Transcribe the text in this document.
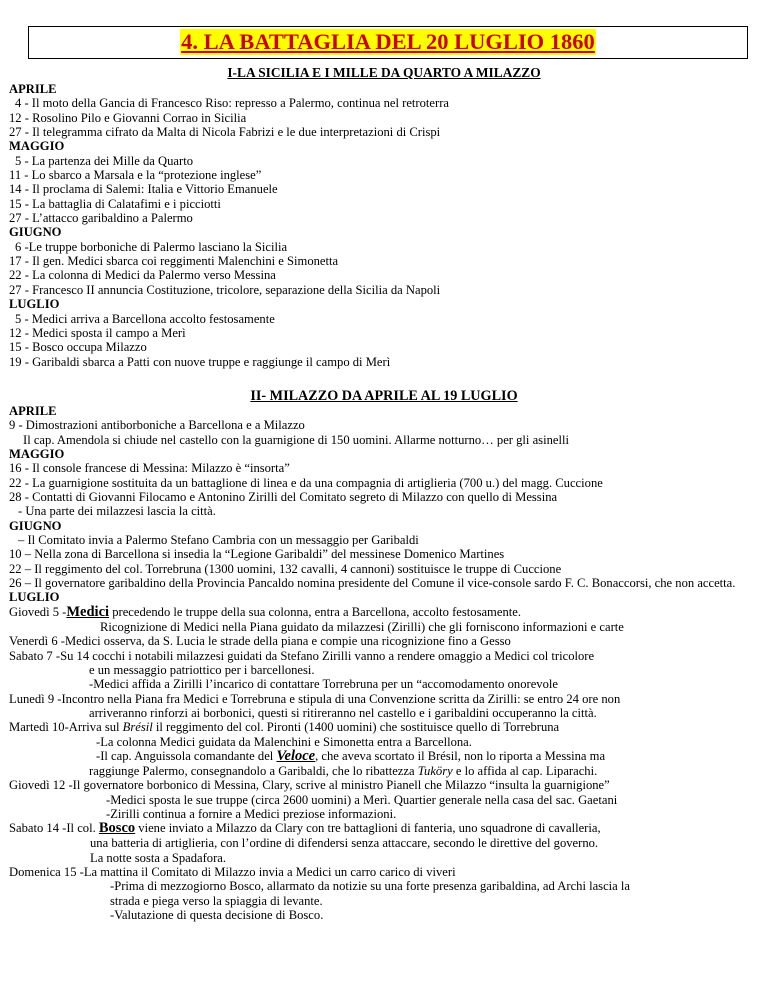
4. LA BATTAGLIA DEL 20 LUGLIO 1860
I-LA SICILIA E I MILLE DA QUARTO A MILAZZO
APRILE
4 - Il moto della Gancia di Francesco Riso: represso a Palermo, continua nel retroterra
12 - Rosolino Pilo e Giovanni Corrao in Sicilia
27 - Il telegramma cifrato da Malta di Nicola Fabrizi e le due interpretazioni di Crispi
MAGGIO
5 - La partenza dei Mille da Quarto
11 - Lo sbarco a Marsala e la “protezione inglese”
14 - Il proclama di Salemi: Italia e Vittorio Emanuele
15 - La battaglia di Calatafimi e i picciotti
27 - L’attacco garibaldino a Palermo
GIUGNO
6 -Le truppe borboniche di Palermo lasciano la Sicilia
17 - Il gen. Medici sbarca coi reggimenti Malenchini e Simonetta
22 - La colonna di Medici da Palermo verso Messina
27 - Francesco II annuncia Costituzione, tricolore, separazione della Sicilia da Napoli
LUGLIO
5 - Medici arriva a Barcellona accolto festosamente
12 - Medici sposta il campo a Merì
15 - Bosco occupa Milazzo
19 - Garibaldi sbarca a Patti con nuove truppe e raggiunge il campo di Merì
II- MILAZZO DA APRILE AL 19 LUGLIO
APRILE
9 - Dimostrazioni antiborboniche a Barcellona e a Milazzo
Il cap. Amendola si chiude nel castello con la guarnigione di 150 uomini. Allarme notturno… per gli asinelli
MAGGIO
16 - Il console francese di Messina: Milazzo è “insorta”
22 - La guarnigione sostituita da un battaglione di linea e da una compagnia di artiglieria (700 u.) del magg. Cuccione
28 - Contatti di Giovanni Filocamo e Antonino Zirilli del Comitato segreto di Milazzo con quello di Messina
- Una parte dei milazzesi lascia la città.
GIUGNO
– Il Comitato invia a Palermo Stefano Cambria con un messaggio per Garibaldi
10 – Nella zona di Barcellona si insedia la “Legione Garibaldi” del messinese Domenico Martines
22 – Il reggimento del col. Torrebruna (1300 uomini, 132 cavalli, 4 cannoni) sostituisce le truppe di Cuccione
26 – Il governatore garibaldino della Provincia Pancaldo nomina presidente del Comune il vice-console sardo F. C. Bonaccorsi, che non accetta.
LUGLIO
Giovedì 5 -Medici precedendo le truppe della sua colonna, entra a Barcellona, accolto festosamente.
Ricognizione di Medici nella Piana guidato da milazzesi (Zirilli) che gli forniscono informazioni e carte
Venerdì 6 -Medici osserva, da S. Lucia le strade della piana e compie una ricognizione fino a Gesso
Sabato 7 -Su 14 cocchi i notabili milazzesi guidati da Stefano Zirilli vanno a rendere omaggio a Medici col tricolore
e un messaggio patriottico per i barcellonesi.
-Medici affida a Zirilli l’incarico di contattare Torrebruna per un “accomodamento onorevole
Lunedì 9 -Incontro nella Piana fra Medici e Torrebruna e stipula di una Convenzione scritta da Zirilli: se entro 24 ore non
arriveranno rinforzi ai borbonici, questi si ritireranno nel castello e i garibaldini occuperanno la città.
Martedì 10-Arriva sul Brésil il reggimento del col. Pironti (1400 uomini) che sostituisce quello di Torrebruna
-La colonna Medici guidata da Malenchini e Simonetta entra a Barcellona.
-Il cap. Anguissola comandante del Veloce, che aveva scortato il Brésil, non lo riporta a Messina ma
raggiunge Palermo, consegnandolo a Garibaldi, che lo ribattezza Tuköry e lo affida al cap. Liparachi.
Giovedì 12 -Il governatore borbonico di Messina, Clary, scrive al ministro Pianell che Milazzo “insulta la guarnigione”
-Medici sposta le sue truppe (circa 2600 uomini) a Merì. Quartier generale nella casa del sac. Gaetani
-Zirilli continua a fornire a Medici preziose informazioni.
Sabato 14 -Il col. Bosco viene inviato a Milazzo da Clary con tre battaglioni di fanteria, uno squadrone di cavalleria,
una batteria di artiglieria, con l’ordine di difendersi senza attaccare, secondo le direttive del governo.
La notte sosta a Spadafora.
Domenica 15 -La mattina il Comitato di Milazzo invia a Medici un carro carico di viveri
-Prima di mezzogiorno Bosco, allarmato da notizie su una forte presenza garibaldina, ad Archi lascia la
strada e piega verso la spiaggia di levante.
-Valutazione di questa decisione di Bosco.
